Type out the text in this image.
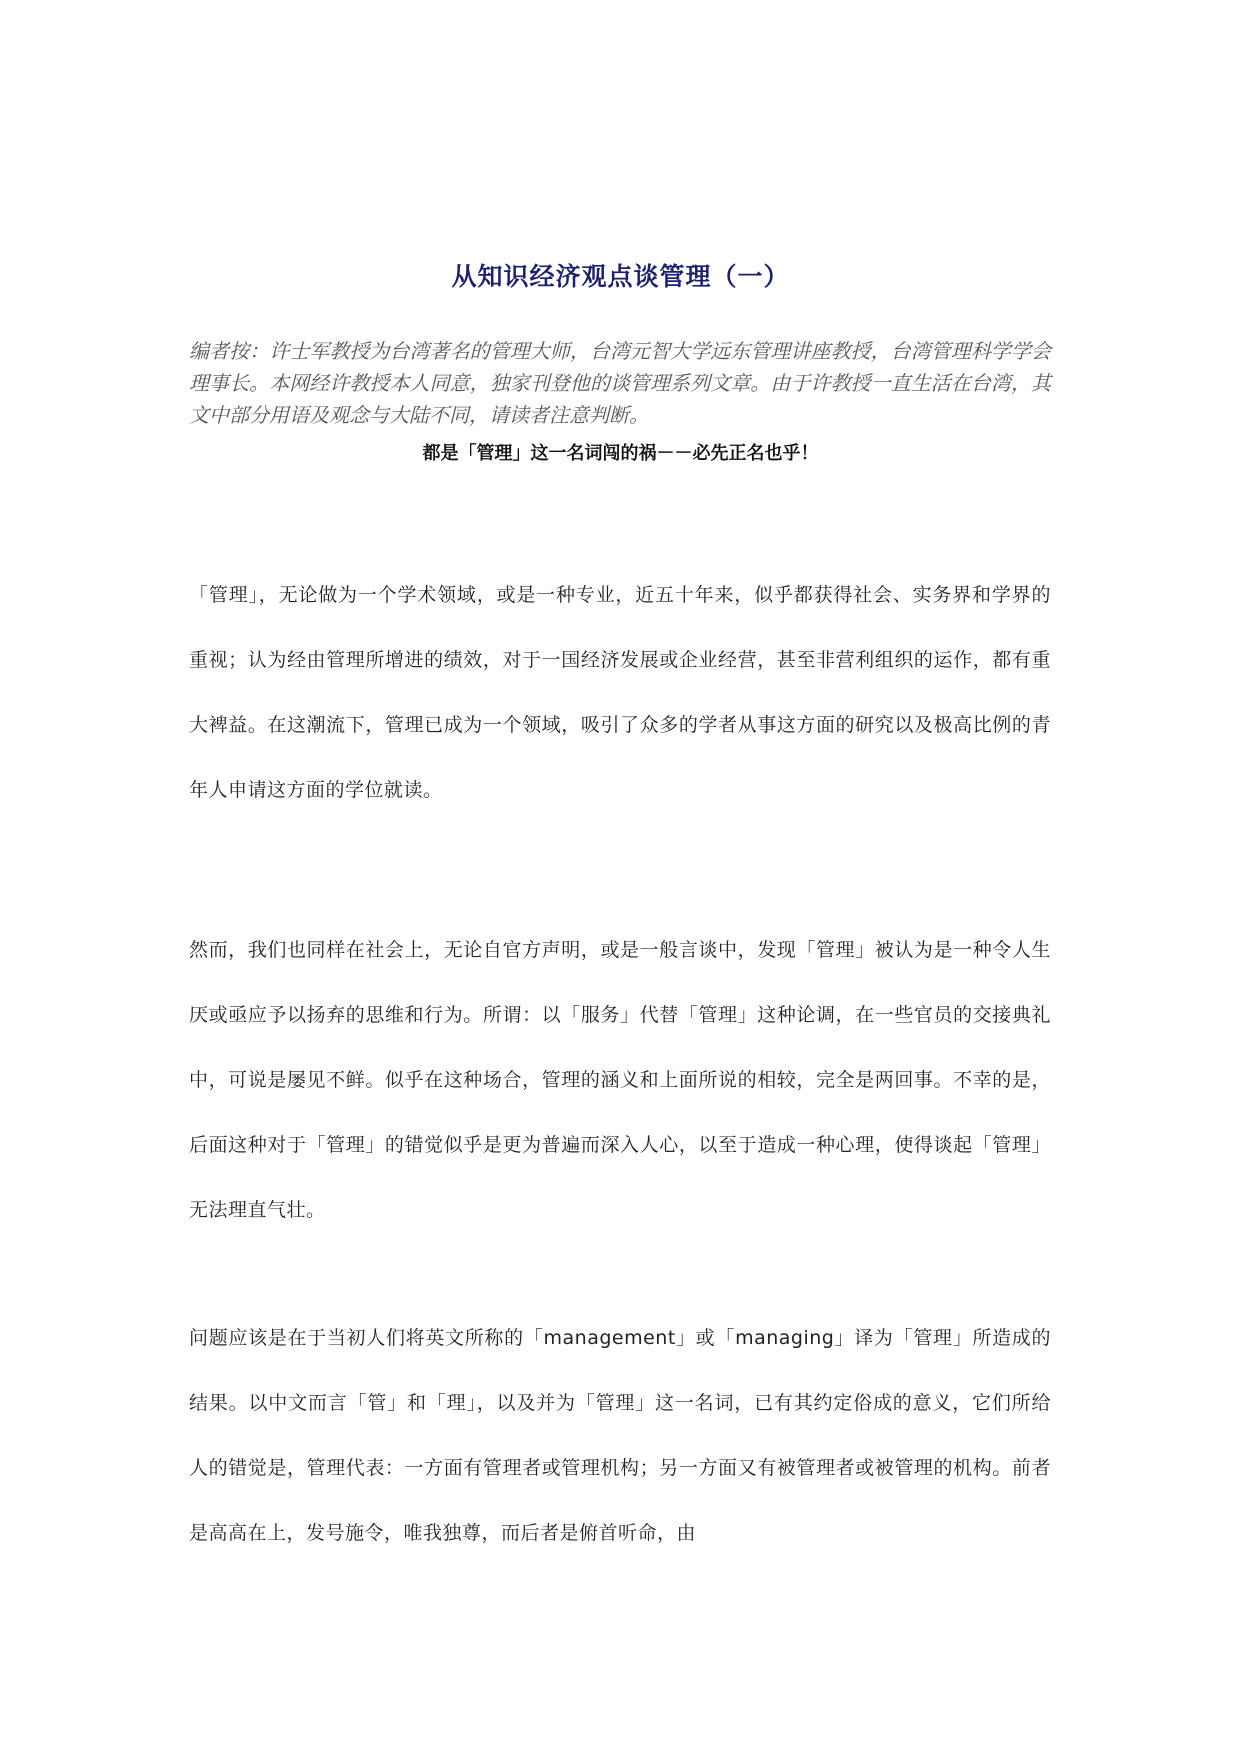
从知识经济观点谈管理（一）

编者按：许士军教授为台湾著名的管理大师，台湾元智大学远东管理讲座教授，台湾管理科学学会理事长。本网经许教授本人同意，独家刊登他的谈管理系列文章。由于许教授一直生活在台湾，其文中部分用语及观念与大陆不同，请读者注意判断。

都是「管理」这一名词闯的祸－－必先正名也乎！

「管理」，无论做为一个学术领域，或是一种专业，近五十年来，似乎都获得社会、实务界和学界的重视；认为经由管理所增进的绩效，对于一国经济发展或企业经营，甚至非营利组织的运作，都有重大裨益。在这潮流下，管理已成为一个领域，吸引了众多的学者从事这方面的研究以及极高比例的青年人申请这方面的学位就读。

然而，我们也同样在社会上，无论自官方声明，或是一般言谈中，发现「管理」被认为是一种令人生厌或亟应予以扬弃的思维和行为。所谓：以「服务」代替「管理」这种论调，在一些官员的交接典礼中，可说是屡见不鲜。似乎在这种场合，管理的涵义和上面所说的相较，完全是两回事。不幸的是，后面这种对于「管理」的错觉似乎是更为普遍而深入人心，以至于造成一种心理，使得谈起「管理」无法理直气壮。

问题应该是在于当初人们将英文所称的「management」或「managing」译为「管理」所造成的结果。以中文而言「管」和「理」，以及并为「管理」这一名词，已有其约定俗成的意义，它们所给人的错觉是，管理代表：一方面有管理者或管理机构；另一方面又有被管理者或被管理的机构。前者是高高在上，发号施令，唯我独尊，而后者是俯首听命，由
